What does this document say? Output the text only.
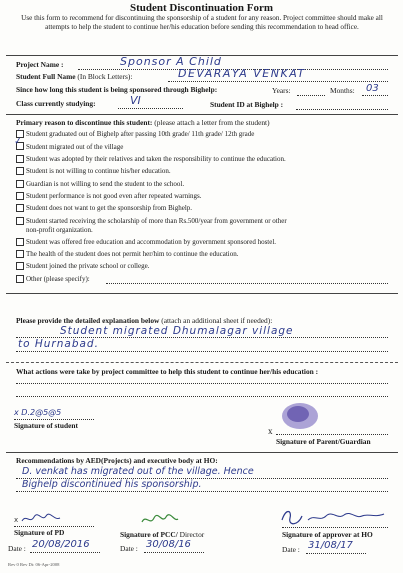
Student Discontinuation Form
Use this form to recommend for discontinuing the sponsorship of a student for any reason. Project committee should make all attempts to help the student to continue her/his education before sending this recommendation to head office.
Project Name :	Sponsor A Child
Student Full Name (In Block Letters):	DEVARAYA VENKAT
Since how long this student is being sponsored through Bighelp:	Years:	Months: 03
Class currently studying:	VI	Student ID at Bighelp :
Primary reason to discontinue this student: (please attach a letter from the student)
Student graduated out of Bighelp after passing 10th grade/ 11th grade/ 12th grade
✓ Student migrated out of the village
Student was adopted by their relatives and taken the responsibility to continue the education.
Student is not willing to continue his/her education.
Guardian is not willing to send the student to the school.
Student performance is not good even after repeated warnings.
Student does not want to get the sponsorship from Bighelp.
Student started receiving the scholarship of more than Rs.500/year from government or other
non-profit organization.
Student was offered free education and accommodation by government sponsored hostel.
The health of the student does not permit her/him to continue the education.
Student joined the private school or college.
Other (please specify):
Please provide the detailed explanation below (attach an additional sheet if needed):
Student migrated Dhumalagar village
to Hurnabad.
What actions were take by project committee to help this student to continue her/his education :
x D.2@5@5
Signature of student
x
Signature of Parent/Guardian
Recommendations by AED(Projects) and executive body at HO:
D. venkat has migrated out of the village. Hence
Bighelp discontinued his sponsorship.
x
Signature of PD
Date : 20/08/2016
Signature of PCC/ Director
Date : 30/08/16
Signature of approver at HO
Date : 31/08/17
Rev 0 Rev Dt: 06-Apr-2008
